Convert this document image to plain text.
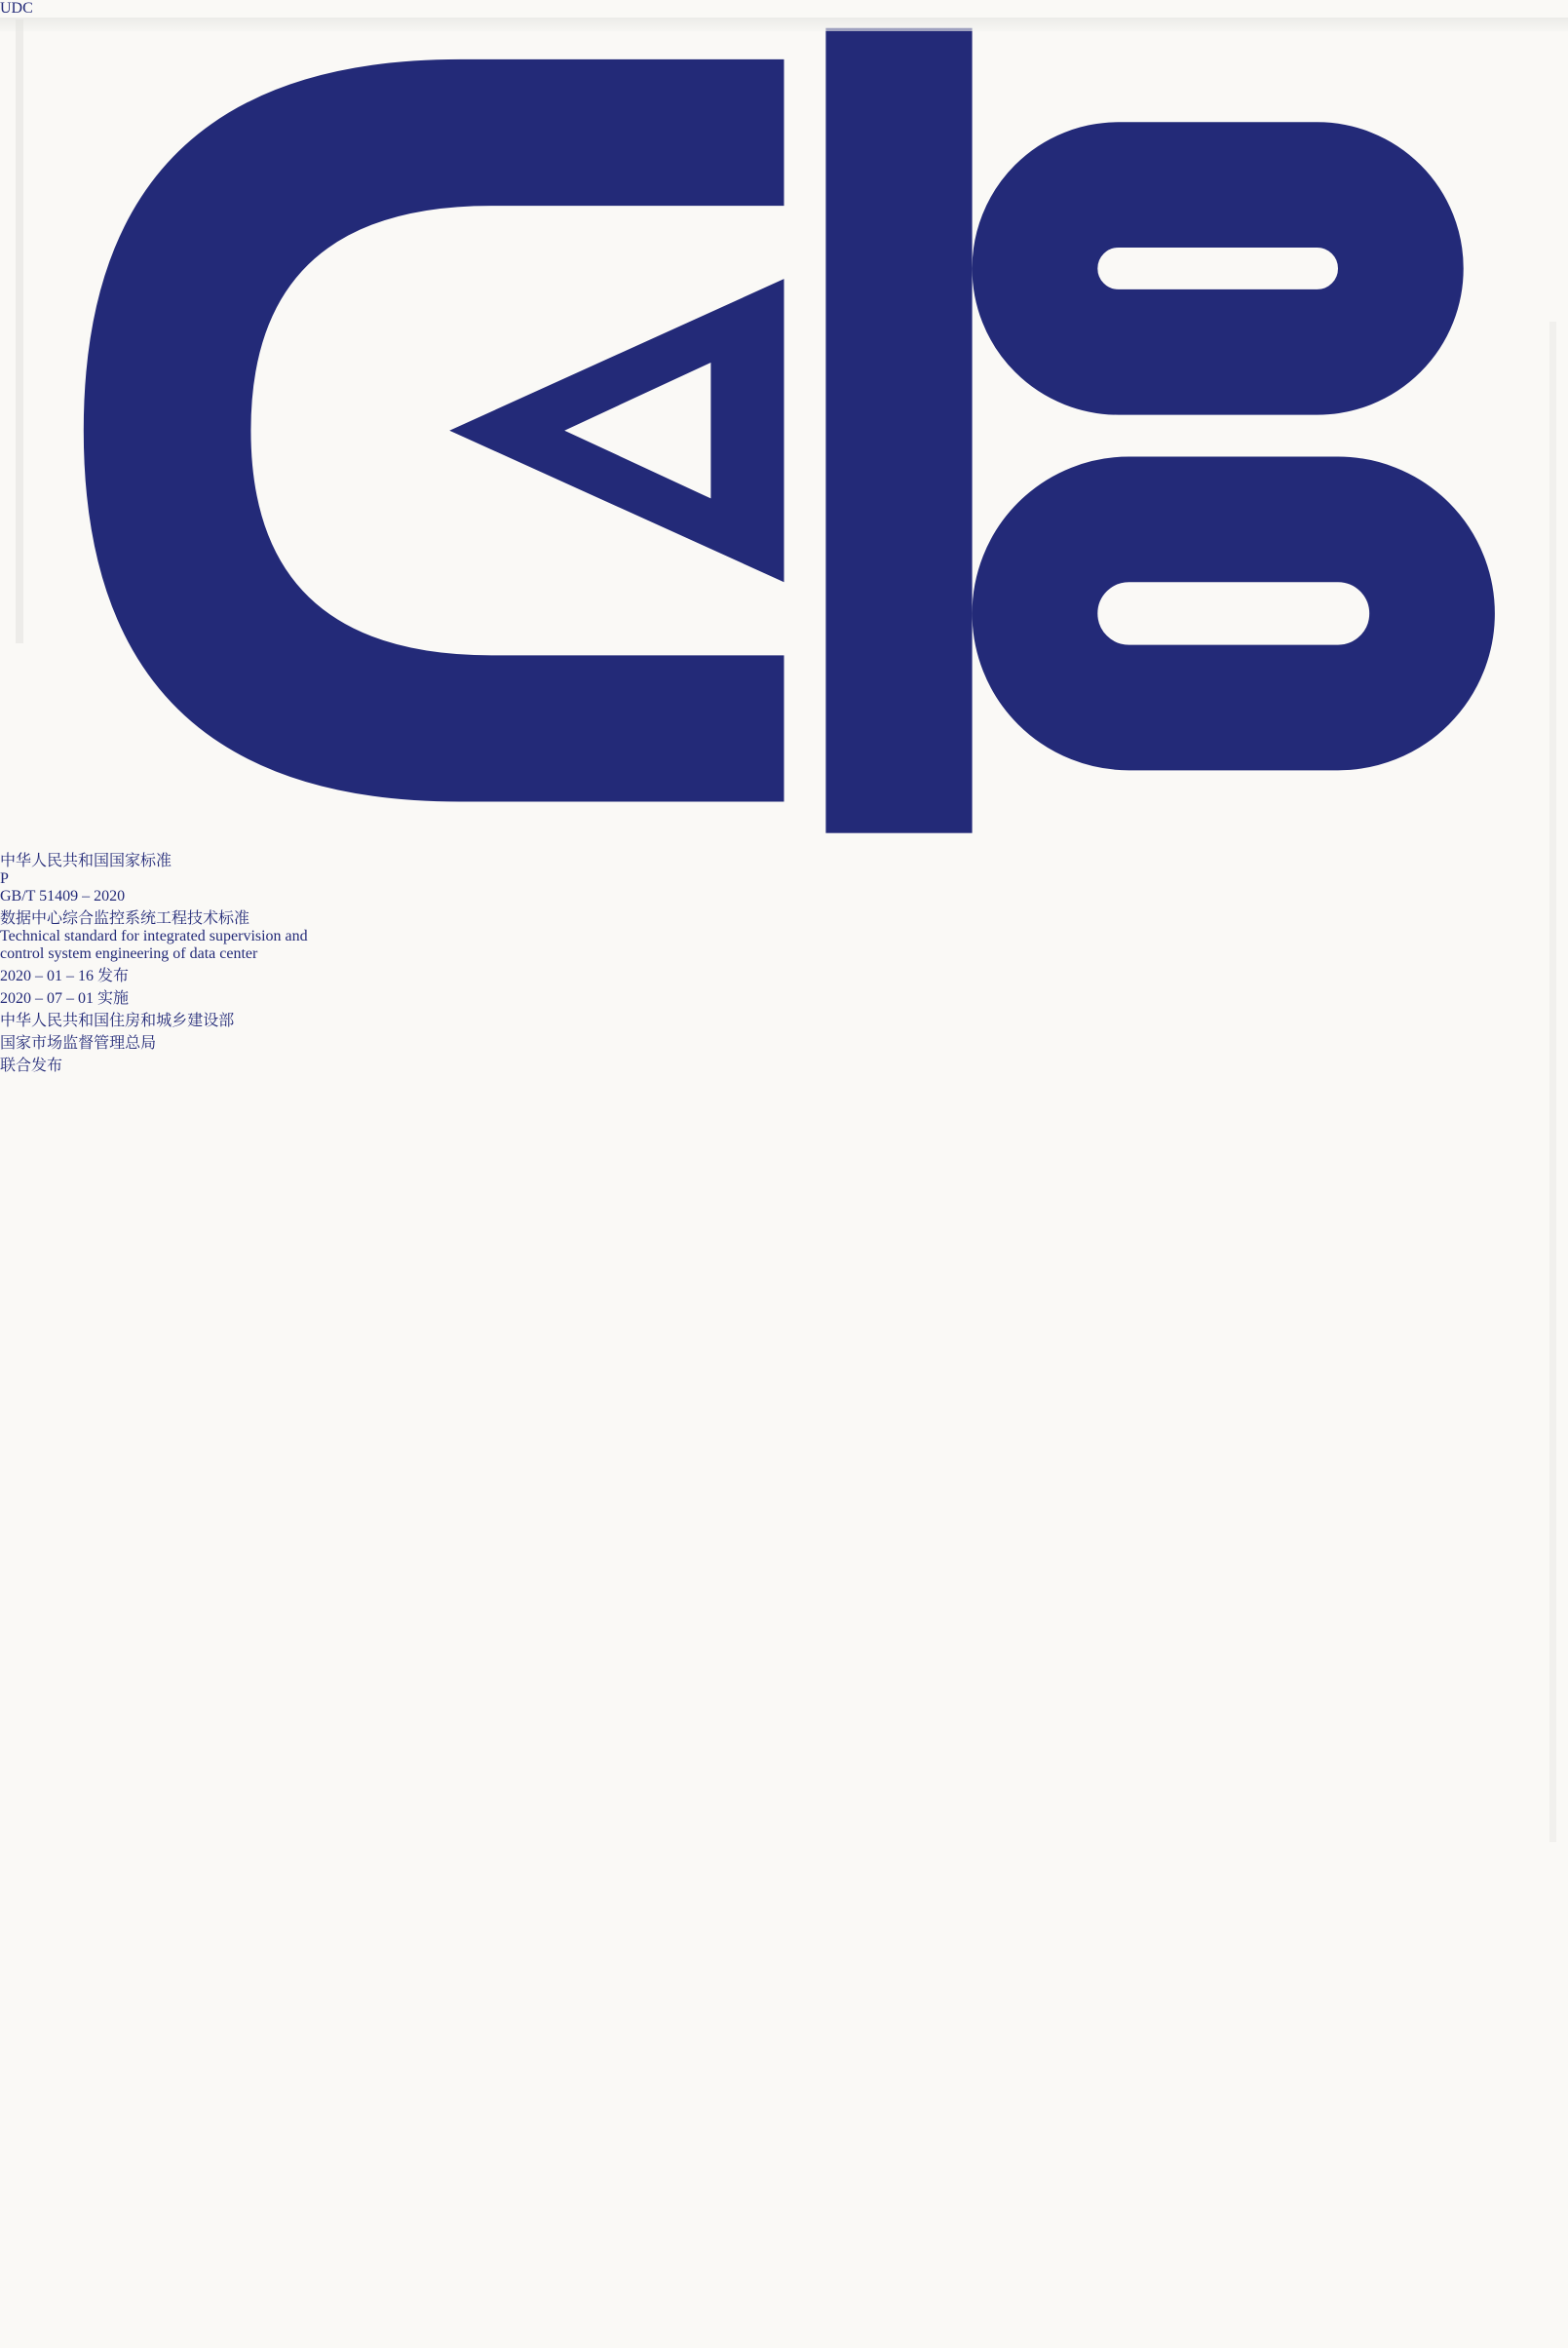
UDC
中华人民共和国国家标准
P
GB/T 51409 – 2020
数据中心综合监控系统工程技术标准
Technical standard for integrated supervision and
control system engineering of data center
2020 – 01 – 16 发布
2020 – 07 – 01 实施
中华人民共和国住房和城乡建设部
国家市场监督管理总局
联合发布
